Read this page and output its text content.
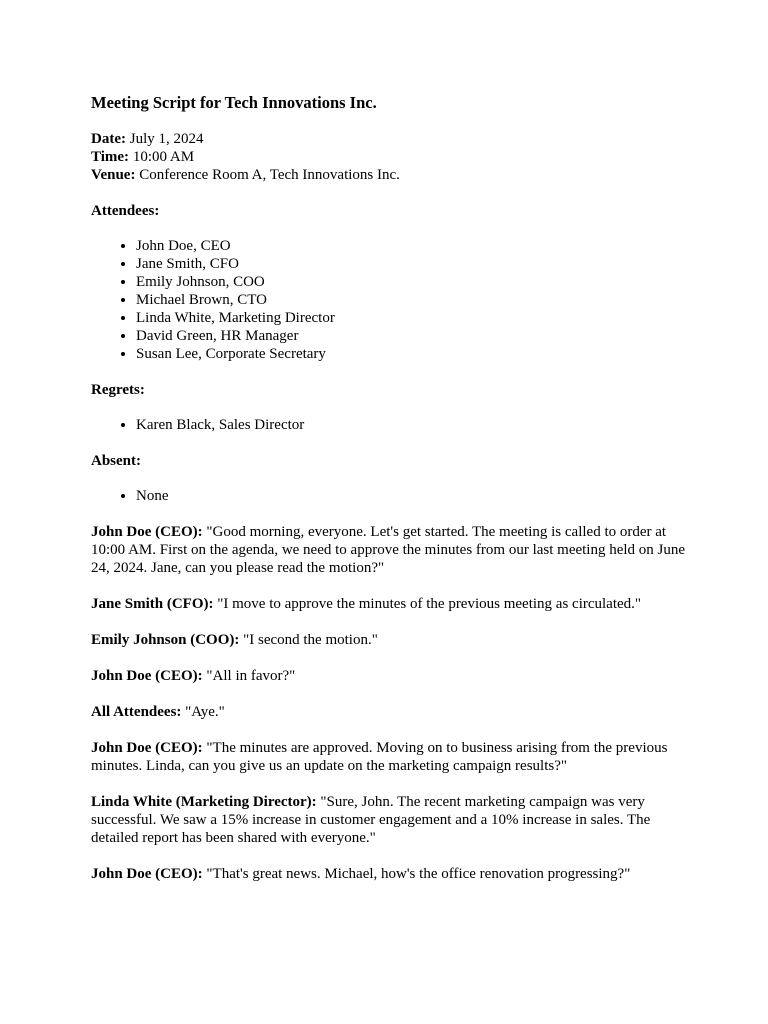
Meeting Script for Tech Innovations Inc.

Date: July 1, 2024

Time: 10:00 AM

Venue: Conference Room A, Tech Innovations Inc.

Attendees:
• John Doe, CEO
• Jane Smith, CFO
• Emily Johnson, COO
• Michael Brown, CTO
• Linda White, Marketing Director
• David Green, HR Manager
• Susan Lee, Corporate Secretary
Regrets:
• Karen Black, Sales Director
Absent:
• None

John Doe (CEO): "Good morning, everyone. Let's get started. The meeting is called to order at 10:00 AM. First on the agenda, we need to approve the minutes from our last meeting held on June 24, 2024. Jane, can you please read the motion?"

Jane Smith (CFO): "I move to approve the minutes of the previous meeting as circulated."

Emily Johnson (COO): "I second the motion."

John Doe (CEO): "All in favor?"

All Attendees: "Aye."

John Doe (CEO): "The minutes are approved. Moving on to business arising from the previous minutes. Linda, can you give us an update on the marketing campaign results?"

Linda White (Marketing Director): "Sure, John. The recent marketing campaign was very successful. We saw a 15% increase in customer engagement and a 10% increase in sales. The detailed report has been shared with everyone."

John Doe (CEO): "That's great news. Michael, how's the office renovation progressing?"
